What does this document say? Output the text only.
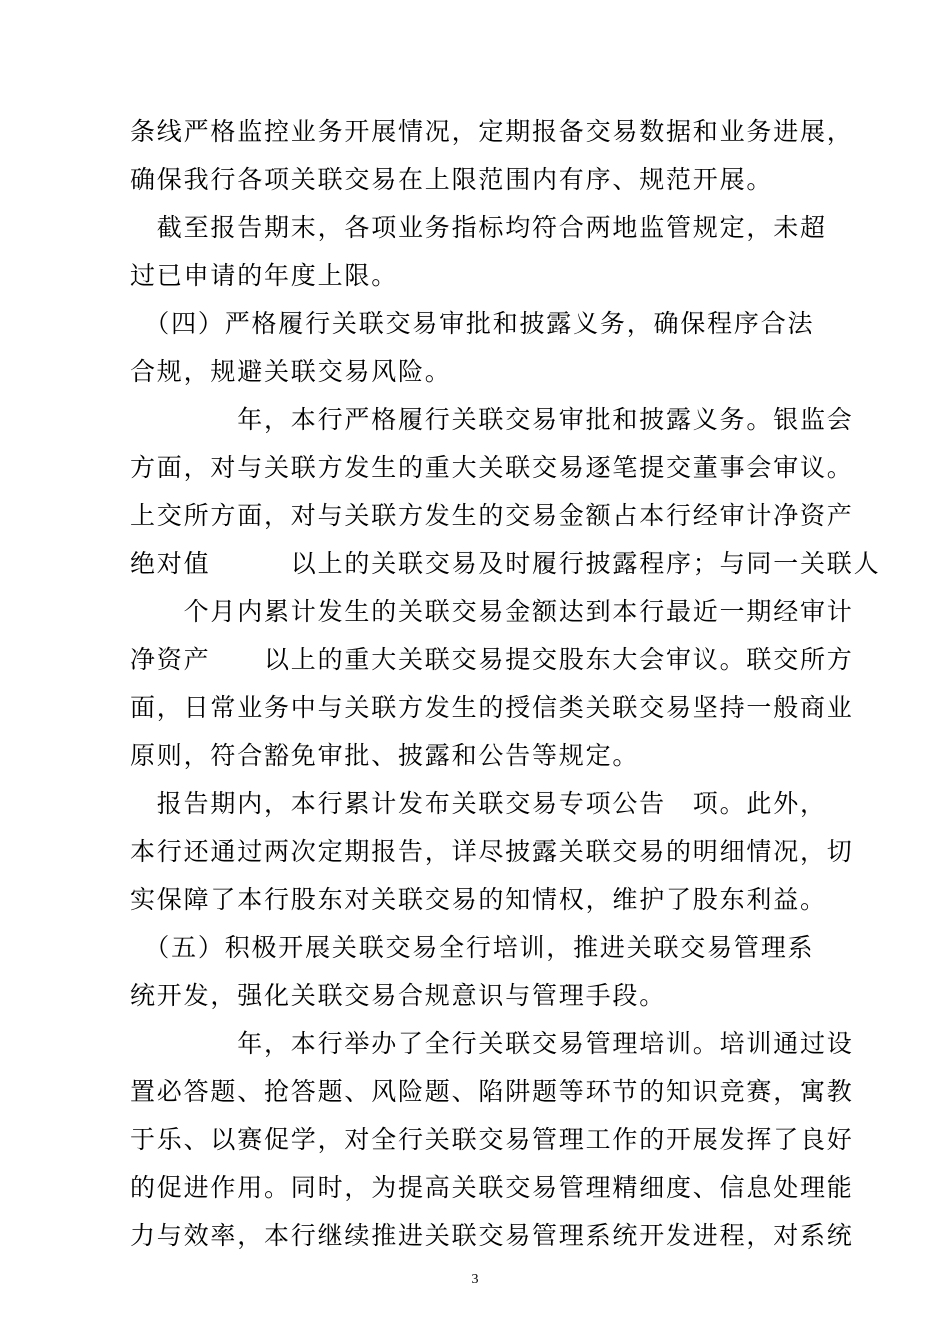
条线严格监控业务开展情况，定期报备交易数据和业务进展，
确保我行各项关联交易在上限范围内有序、规范开展。
　截至报告期末，各项业务指标均符合两地监管规定，未超
过已申请的年度上限。
　（四）严格履行关联交易审批和披露义务，确保程序合法
合规，规避关联交易风险。
　　　　年，本行严格履行关联交易审批和披露义务。银监会
方面，对与关联方发生的重大关联交易逐笔提交董事会审议。
上交所方面，对与关联方发生的交易金额占本行经审计净资产
绝对值　　　以上的关联交易及时履行披露程序；与同一关联人
　　个月内累计发生的关联交易金额达到本行最近一期经审计
净资产　　以上的重大关联交易提交股东大会审议。联交所方
面，日常业务中与关联方发生的授信类关联交易坚持一般商业
原则，符合豁免审批、披露和公告等规定。
　报告期内，本行累计发布关联交易专项公告　项。此外，
本行还通过两次定期报告，详尽披露关联交易的明细情况，切
实保障了本行股东对关联交易的知情权，维护了股东利益。
　（五）积极开展关联交易全行培训，推进关联交易管理系
统开发，强化关联交易合规意识与管理手段。
　　　　年，本行举办了全行关联交易管理培训。培训通过设
置必答题、抢答题、风险题、陷阱题等环节的知识竞赛，寓教
于乐、以赛促学，对全行关联交易管理工作的开展发挥了良好
的促进作用。同时，为提高关联交易管理精细度、信息处理能
力与效率，本行继续推进关联交易管理系统开发进程，对系统
3
